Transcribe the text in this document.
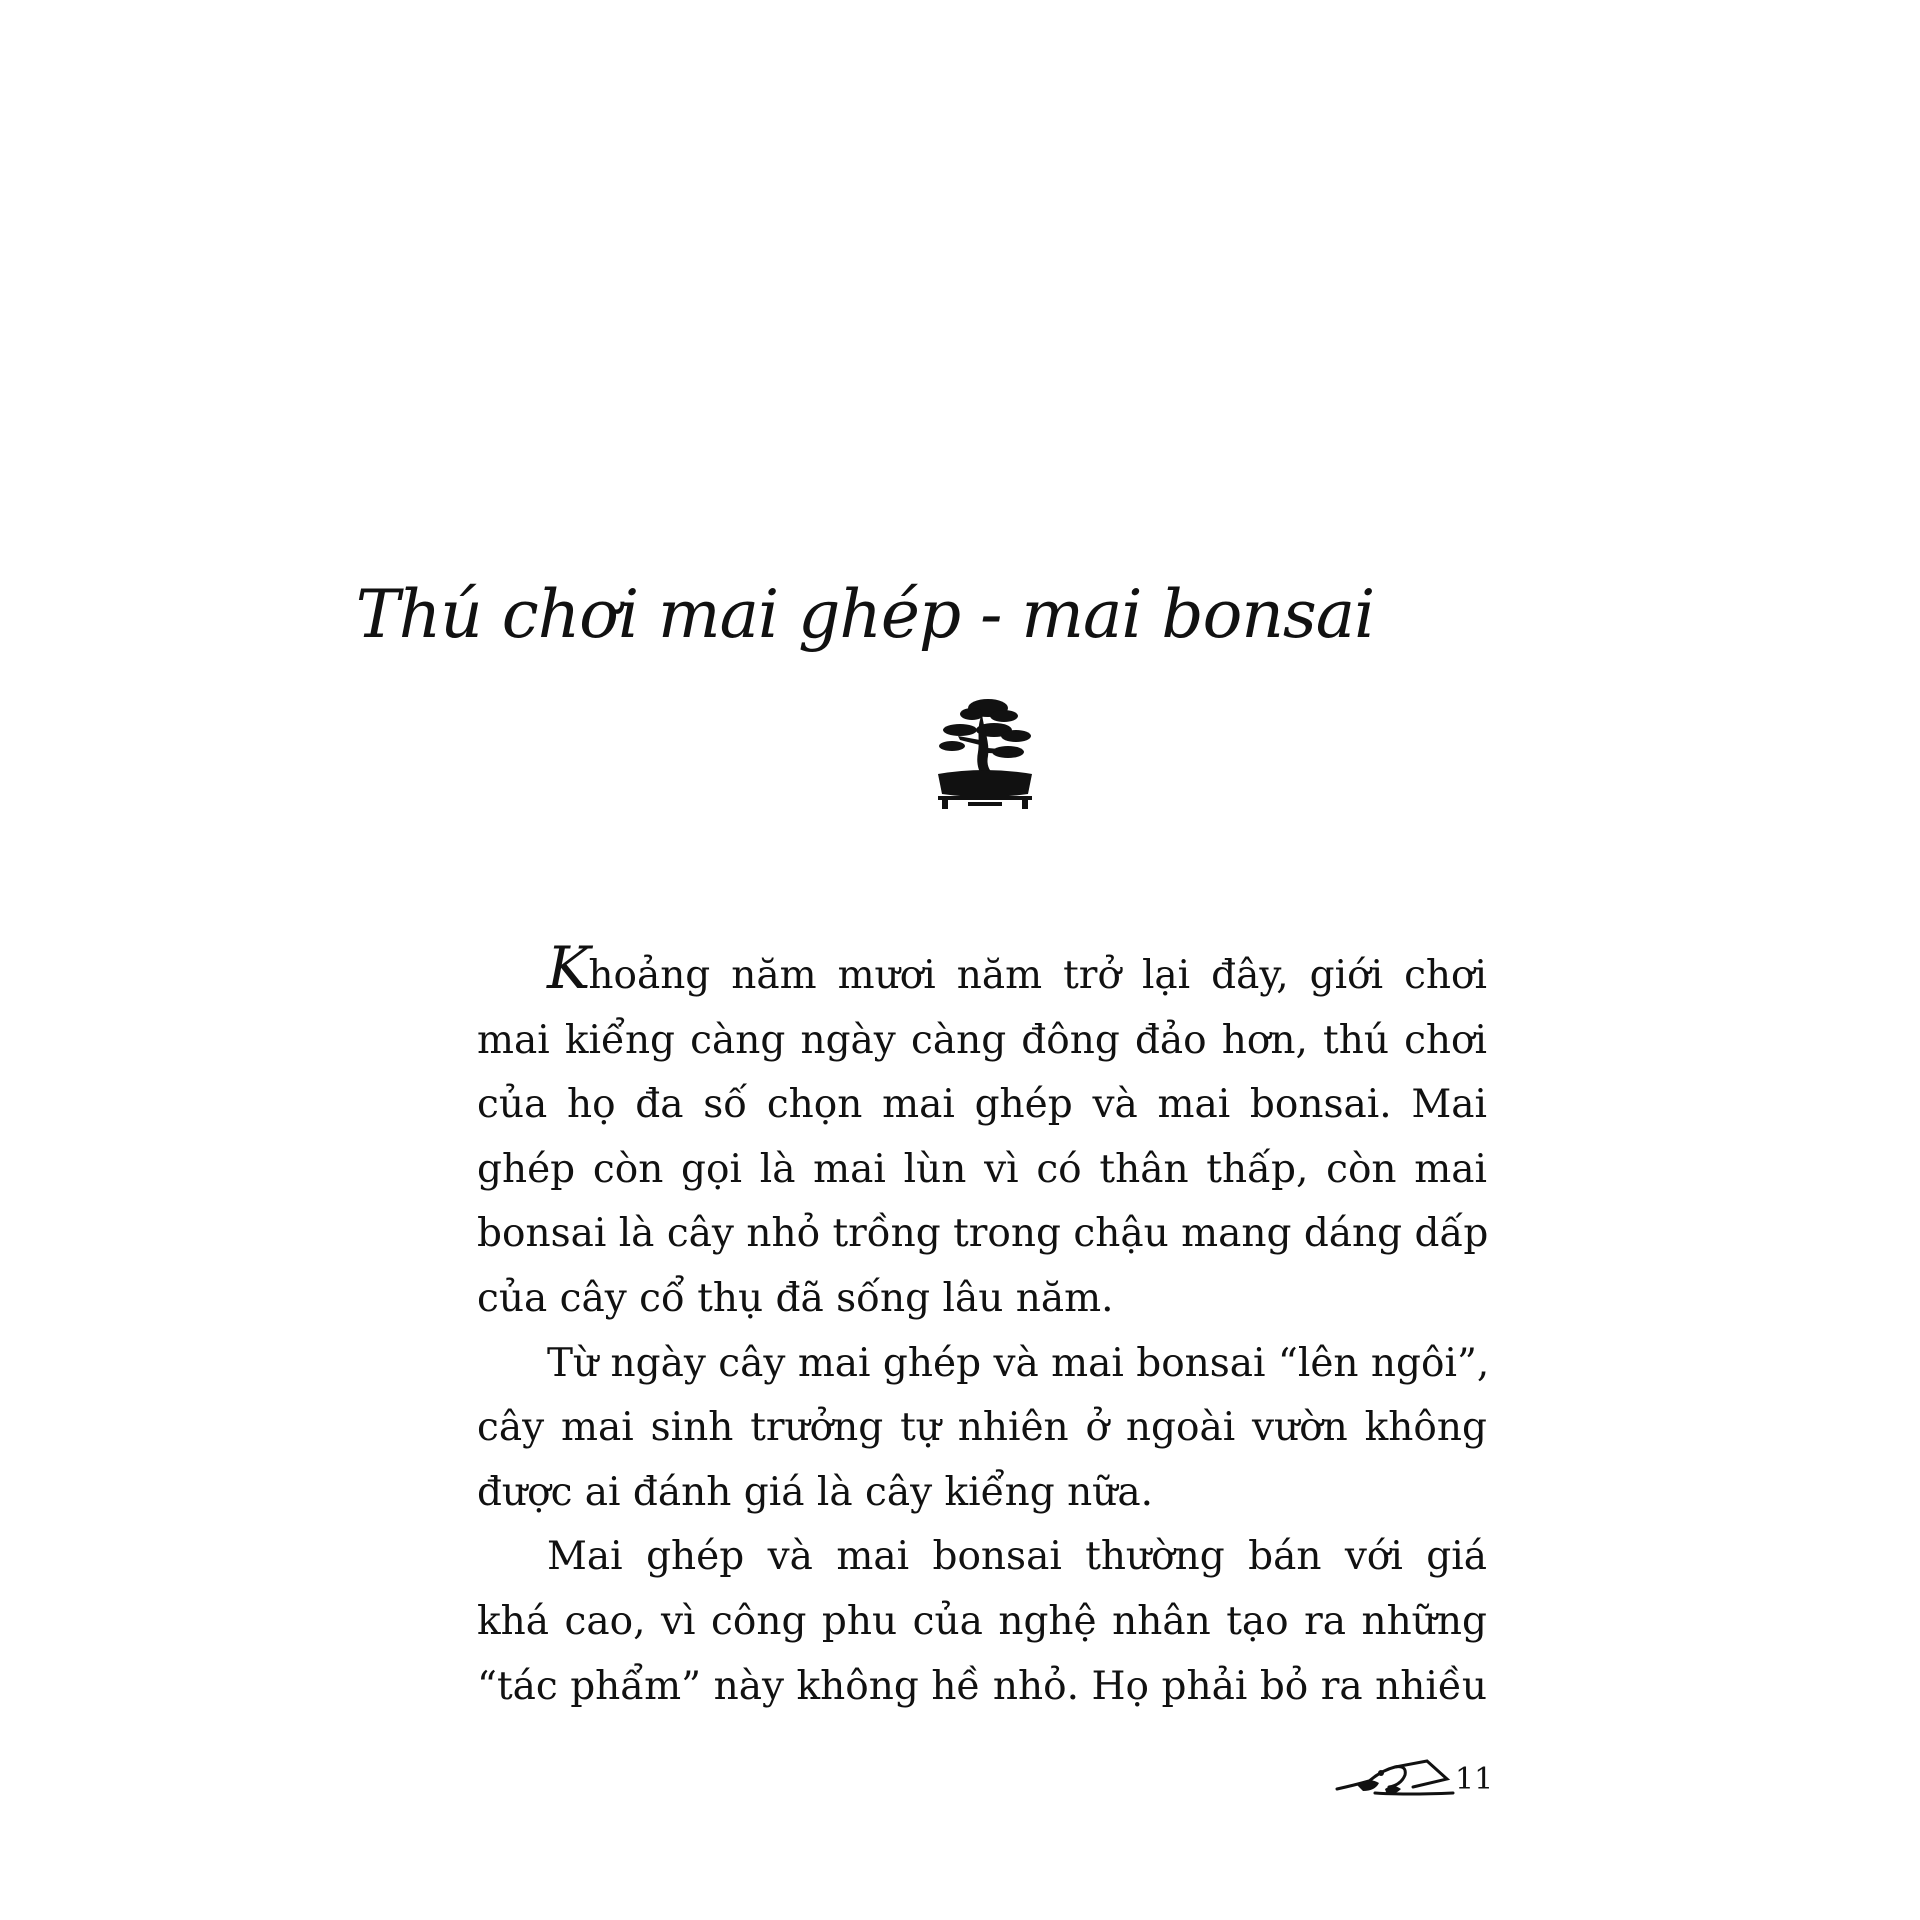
Thú chơi mai ghép - mai bonsai
Khoảng năm mươi năm trở lại đây, giới chơi
mai kiểng càng ngày càng đông đảo hơn, thú chơi
của họ đa số chọn mai ghép và mai bonsai. Mai
ghép còn gọi là mai lùn vì có thân thấp, còn mai
bonsai là cây nhỏ trồng trong chậu mang dáng dấp
của cây cổ thụ đã sống lâu năm.
Từ ngày cây mai ghép và mai bonsai “lên ngôi”,
cây mai sinh trưởng tự nhiên ở ngoài vườn không
được ai đánh giá là cây kiểng nữa.
Mai ghép và mai bonsai thường bán với giá
khá cao, vì công phu của nghệ nhân tạo ra những
“tác phẩm” này không hề nhỏ. Họ phải bỏ ra nhiều
11
